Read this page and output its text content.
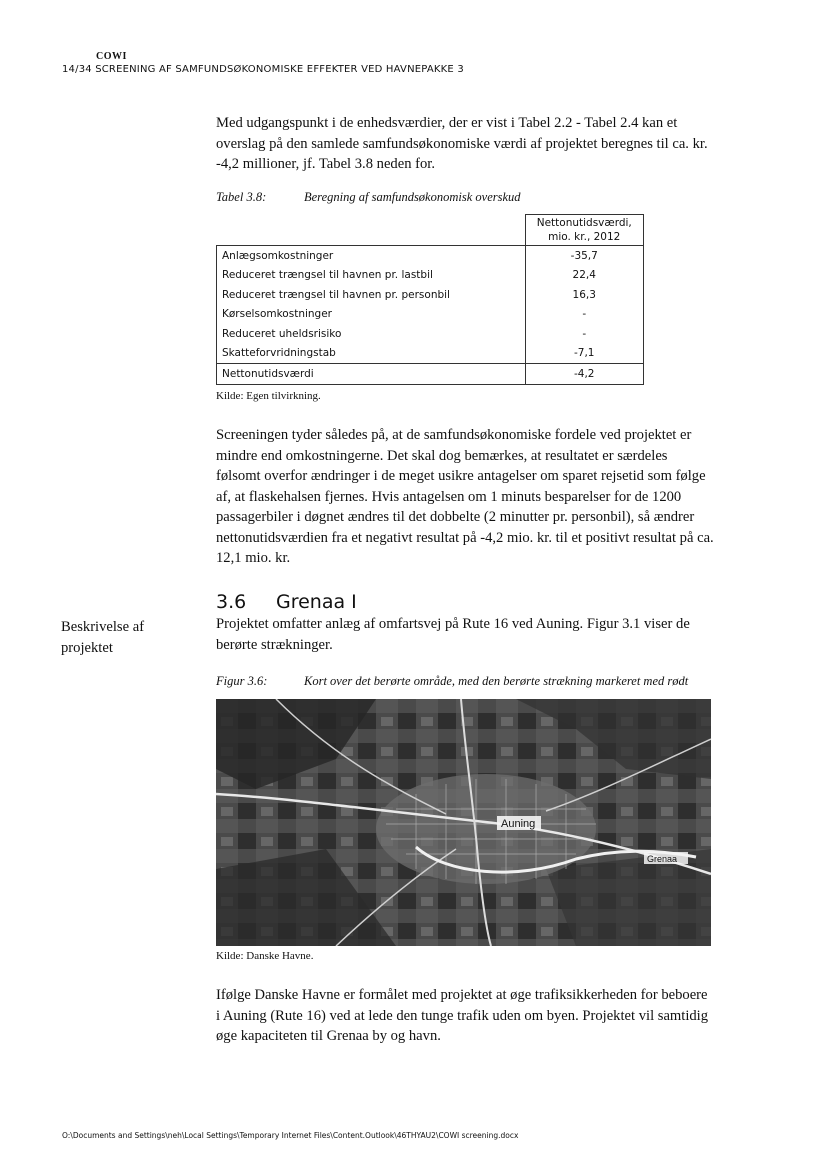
COWI
14/34 SCREENING AF SAMFUNDSØKONOMISKE EFFEKTER VED HAVNEPAKKE 3
Med udgangspunkt i de enhedsværdier, der er vist i Tabel 2.2 - Tabel 2.4 kan et overslag på den samlede samfundsøkonomiske værdi af projektet beregnes til ca. kr. -4,2 millioner, jf. Tabel 3.8 neden for.
Tabel 3.8:	Beregning af samfundsøkonomisk overskud

	Nettonutidsværdi,
mio. kr., 2012

Anlægsomkostninger	-35,7
Reduceret trængsel til havnen pr. lastbil	22,4
Reduceret trængsel til havnen pr. personbil	16,3
Kørselsomkostninger	-
Reduceret uheldsrisiko	-
Skatteforvridningstab	-7,1
Nettonutidsværdi	-4,2
Kilde: Egen tilvirkning.
Screeningen tyder således på, at de samfundsøkonomiske fordele ved projektet er mindre end omkostningerne. Det skal dog bemærkes, at resultatet er særdeles følsomt overfor ændringer i de meget usikre antagelser om sparet rejsetid som følge af, at flaskehalsen fjernes. Hvis antagelsen om 1 minuts besparelser for de 1200 passagerbiler i døgnet ændres til det dobbelte (2 minutter pr. personbil), så ændrer nettonutidsværdien fra et negativt resultat på -4,2 mio. kr. til et positivt resultat på ca. 12,1 mio. kr.
3.6 Grenaa I
Beskrivelse af projektet
Projektet omfatter anlæg af omfartsvej på Rute 16 ved Auning. Figur 3.1 viser de berørte strækninger.
Figur 3.6:	Kort over det berørte område, med den berørte strækning markeret med rødt
Auning
Grenaa
Kilde: Danske Havne.
Ifølge Danske Havne er formålet med projektet at øge trafiksikkerheden for beboere i Auning (Rute 16) ved at lede den tunge trafik uden om byen. Projektet vil samtidig øge kapaciteten til Grenaa by og havn.
O:\Documents and Settings\neh\Local Settings\Temporary Internet Files\Content.Outlook\46THYAU2\COWI screening.docx
